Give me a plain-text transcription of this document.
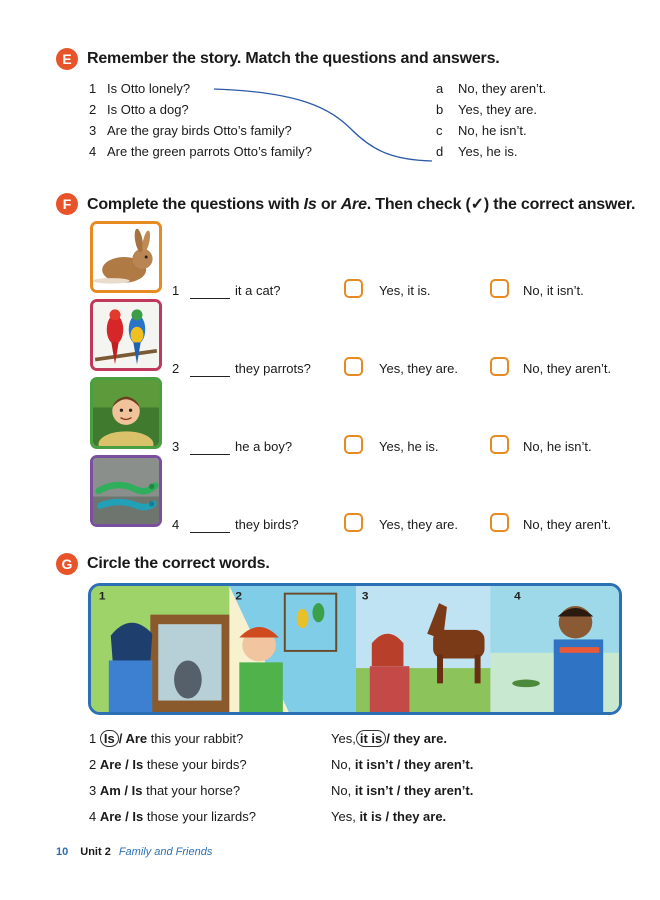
E Remember the story. Match the questions and answers.
1 Is Otto lonely?
2 Is Otto a dog?
3 Are the gray birds Otto’s family?
4 Are the green parrots Otto’s family?
a No, they aren’t.
b Yes, they are.
c No, he isn’t.
d Yes, he is.
F Complete the questions with Is or Are. Then check (✓) the correct answer.
1	it a cat?	Yes, it is.	No, it isn’t.
2	they parrots?	Yes, they are.	No, they aren’t.
3	he a boy?	Yes, he is.	No, he isn’t.
4	they birds?	Yes, they are.	No, they aren’t.
G Circle the correct words.
1	2	3	4
1 Is / Are this your rabbit?	Yes, it is / they are.
2 Are / Is these your birds?	No, it isn’t / they aren’t.
3 Am / Is that your horse?	No, it isn’t / they aren’t.
4 Are / Is those your lizards?	Yes, it is / they are.
10 Unit 2 Family and Friends
